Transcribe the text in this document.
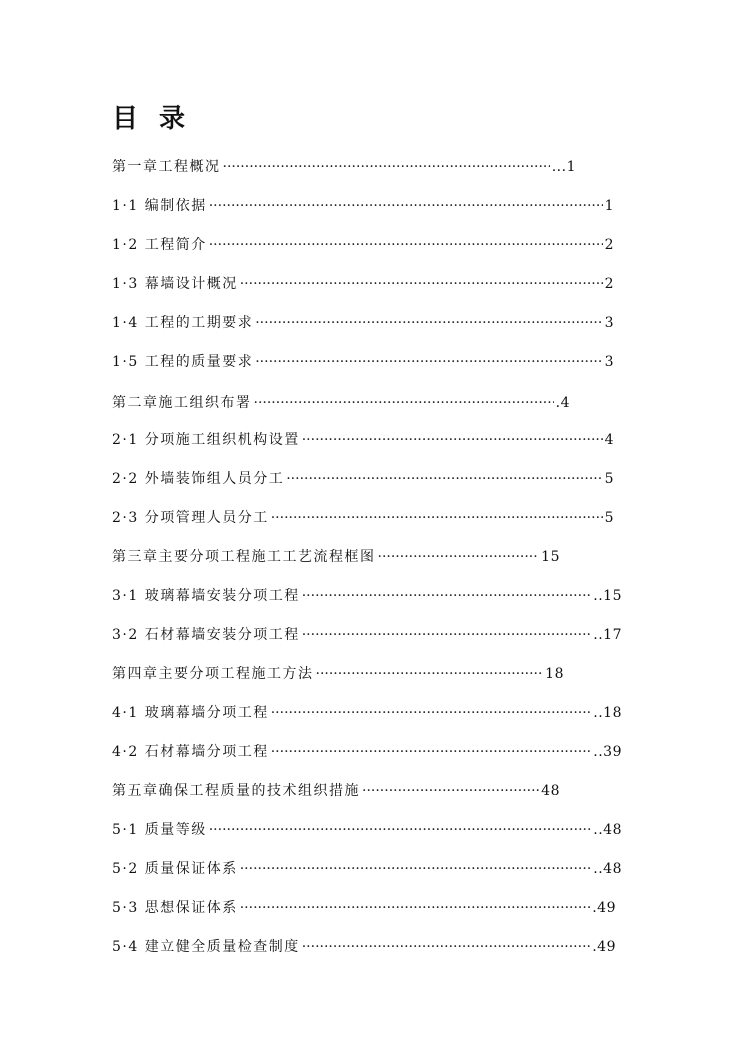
目 录
第一章工程概况 ·····	...1
1·1 编制依据 ·····	1
1·2 工程简介 ·····	2
1·3 幕墙设计概况 ·····	2
1·4 工程的工期要求 ·····	3
1·5 工程的质量要求 ·····	3
第二章施工组织布署 ·····	.4
2·1 分项施工组织机构设置 ·····	4
2·2 外墙装饰组人员分工 ·····	5
2·3 分项管理人员分工 ·····	5
第三章主要分项工程施工工艺流程框图 ·····	15
3·1 玻璃幕墙安装分项工程 ·····	..15
3·2 石材幕墙安装分项工程 ·····	..17
第四章主要分项工程施工方法 ·····	18
4·1 玻璃幕墙分项工程 ·····	..18
4·2 石材幕墙分项工程 ·····	..39
第五章确保工程质量的技术组织措施 ·····	48
5·1 质量等级 ·····	..48
5·2 质量保证体系 ·····	..48
5·3 思想保证体系 ·····	.49
5·4 建立健全质量检查制度 ·····	.49
